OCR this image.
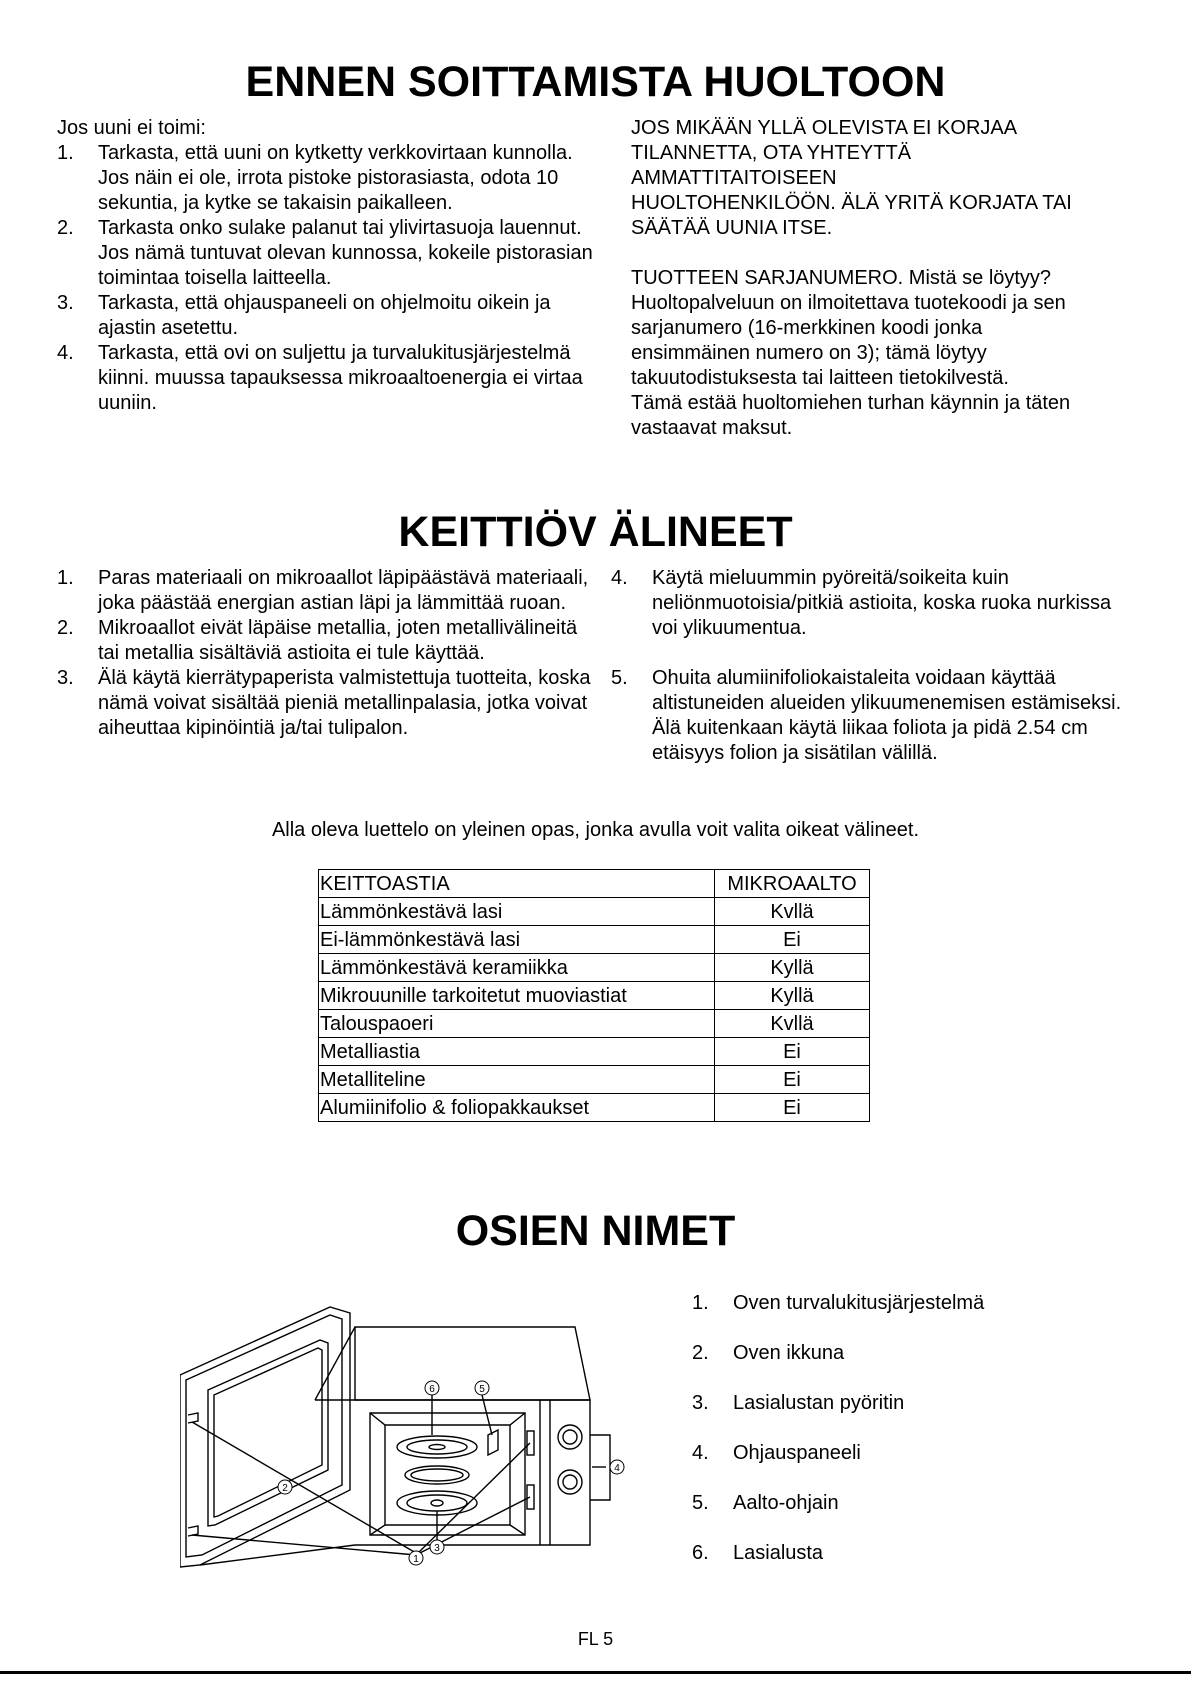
ENNEN SOITTAMISTA HUOLTOON
Jos uuni ei toimi:
1. Tarkasta, että uuni on kytketty verkkovirtaan kunnolla. Jos näin ei ole, irrota pistoke pistorasiasta, odota 10 sekuntia, ja kytke se takaisin paikalleen.
2. Tarkasta onko sulake palanut tai ylivirtasuoja lauennut. Jos nämä tuntuvat olevan kunnossa, kokeile pistorasian toimintaa toisella laitteella.
3. Tarkasta, että ohjauspaneeli on ohjelmoitu oikein ja ajastin asetettu.
4. Tarkasta, että ovi on suljettu ja turvalukitusjärjestelmä kiinni. muussa tapauksessa mikroaaltoenergia ei virtaa uuniin.
JOS MIKÄÄN YLLÄ OLEVISTA EI KORJAA
TILANNETTA, OTA YHTEYTTÄ
AMMATTITAITOISEEN
HUOLTOHENKILÖÖN. ÄLÄ YRITÄ KORJATA TAI
SÄÄTÄÄ UUNIA ITSE.
TUOTTEEN SARJANUMERO. Mistä se löytyy?
Huoltopalveluun on ilmoitettava tuotekoodi ja sen
sarjanumero (16-merkkinen koodi jonka
ensimmäinen numero on 3); tämä löytyy
takuutodistuksesta tai laitteen tietokilvestä.
Tämä estää huoltomiehen turhan käynnin ja täten
vastaavat maksut.
KEITTIÖV ÄLINEET
1. Paras materiaali on mikroaallot läpipäästävä materiaali, joka päästää energian astian läpi ja lämmittää ruoan.
2. Mikroaallot eivät läpäise metallia, joten metallivälineitä tai metallia sisältäviä astioita ei tule käyttää.
3. Älä käytä kierrätypaperista valmistettuja tuotteita, koska nämä voivat sisältää pieniä metallinpalasia, jotka voivat aiheuttaa kipinöintiä ja/tai tulipalon.
4. Käytä mieluummin pyöreitä/soikeita kuin neliönmuotoisia/pitkiä astioita, koska ruoka nurkissa voi ylikuumentua.
5. Ohuita alumiinifoliokaistaleita voidaan käyttää altistuneiden alueiden ylikuumenemisen estämiseksi. Älä kuitenkaan käytä liikaa foliota ja pidä 2.54 cm etäisyys folion ja sisätilan välillä.
Alla oleva luettelo on yleinen opas, jonka avulla voit valita oikeat välineet.
KEITTOASTIA	MIKROAALTO
Lämmönkestävä lasi	Kvllä
Ei-lämmönkestävä lasi	Ei
Lämmönkestävä keramiikka	Kyllä
Mikrouunille tarkoitetut muoviastiat	Kyllä
Talouspaoeri	Kvllä
Metalliastia	Ei
Metalliteline	Ei
Alumiinifolio & foliopakkaukset	Ei
OSIEN NIMET
1
2
3
4
5
6
1. Oven turvalukitusjärjestelmä
2. Oven ikkuna
3. Lasialustan pyöritin
4. Ohjauspaneeli
5. Aalto-ohjain
6. Lasialusta
FL 5
